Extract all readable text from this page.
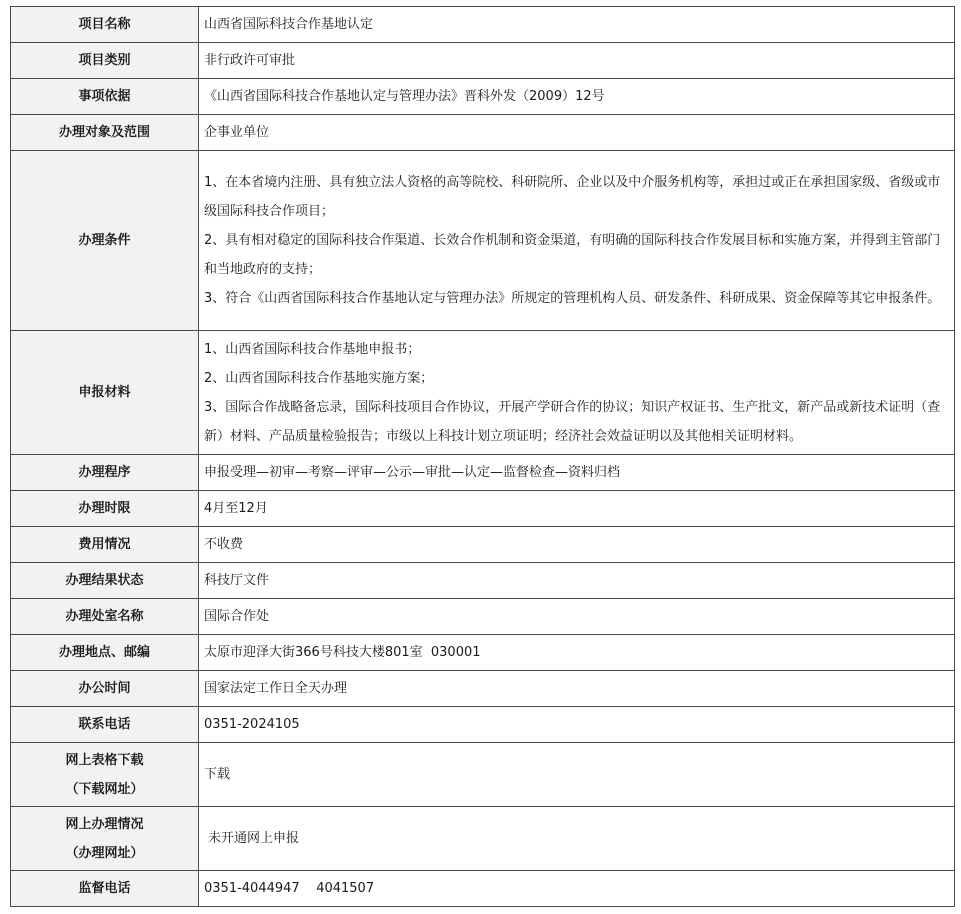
项目名称	山西省国际科技合作基地认定
项目类别	非行政许可审批
事项依据	《山西省国际科技合作基地认定与管理办法》晋科外发（2009）12号
办理对象及范围	企事业单位
办理条件	1、在本省境内注册、具有独立法人资格的高等院校、科研院所、企业以及中介服务机构等，承担过或正在承担国家级、省级或市级国际科技合作项目；
2、具有相对稳定的国际科技合作渠道、长效合作机制和资金渠道，有明确的国际科技合作发展目标和实施方案，并得到主管部门和当地政府的支持；
3、符合《山西省国际科技合作基地认定与管理办法》所规定的管理机构人员、研发条件、科研成果、资金保障等其它申报条件。

申报材料	1、山西省国际科技合作基地申报书；
2、山西省国际科技合作基地实施方案；
3、国际合作战略备忘录，国际科技项目合作协议，开展产学研合作的协议；知识产权证书、生产批文，新产品或新技术证明（查新）材料、产品质量检验报告；市级以上科技计划立项证明；经济社会效益证明以及其他相关证明材料。

办理程序	申报受理—初审—考察—评审—公示—审批—认定—监督检查—资料归档
办理时限	4月至12月
费用情况	不收费
办理结果状态	科技厅文件
办理处室名称	国际合作处
办理地点、邮编	太原市迎泽大街366号科技大楼801室  030001
办公时间	国家法定工作日全天办理
联系电话	0351-2024105

网上表格下载
（下载网址）	下载

网上办理情况
（办理网址）	未开通网上申报
监督电话	0351-4044947    4041507
